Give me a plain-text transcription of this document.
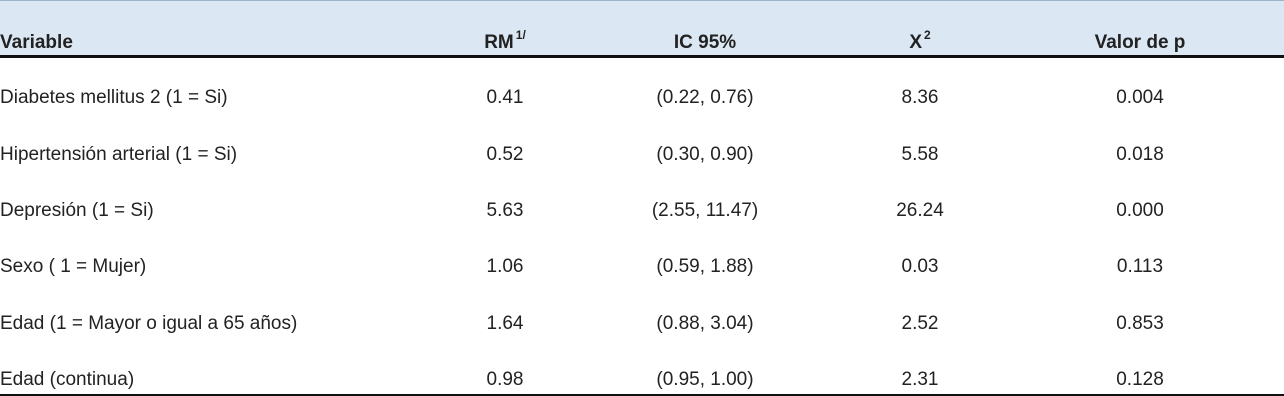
Variable	RM $^{1/}$	IC 95%	X $^2$	Valor de p
Diabetes mellitus 2 (1 = Si)	0.41	(0.22, 0.76)	8.36	0.004
Hipertensión arterial (1 = Si)	0.52	(0.30, 0.90)	5.58	0.018
Depresión (1 = Si)	5.63	(2.55, 11.47)	26.24	0.000
Sexo ( 1 = Mujer)	1.06	(0.59, 1.88)	0.03	0.113
Edad (1 = Mayor o igual a 65 años)	1.64	(0.88, 3.04)	2.52	0.853
Edad (continua)	0.98	(0.95, 1.00)	2.31	0.128
